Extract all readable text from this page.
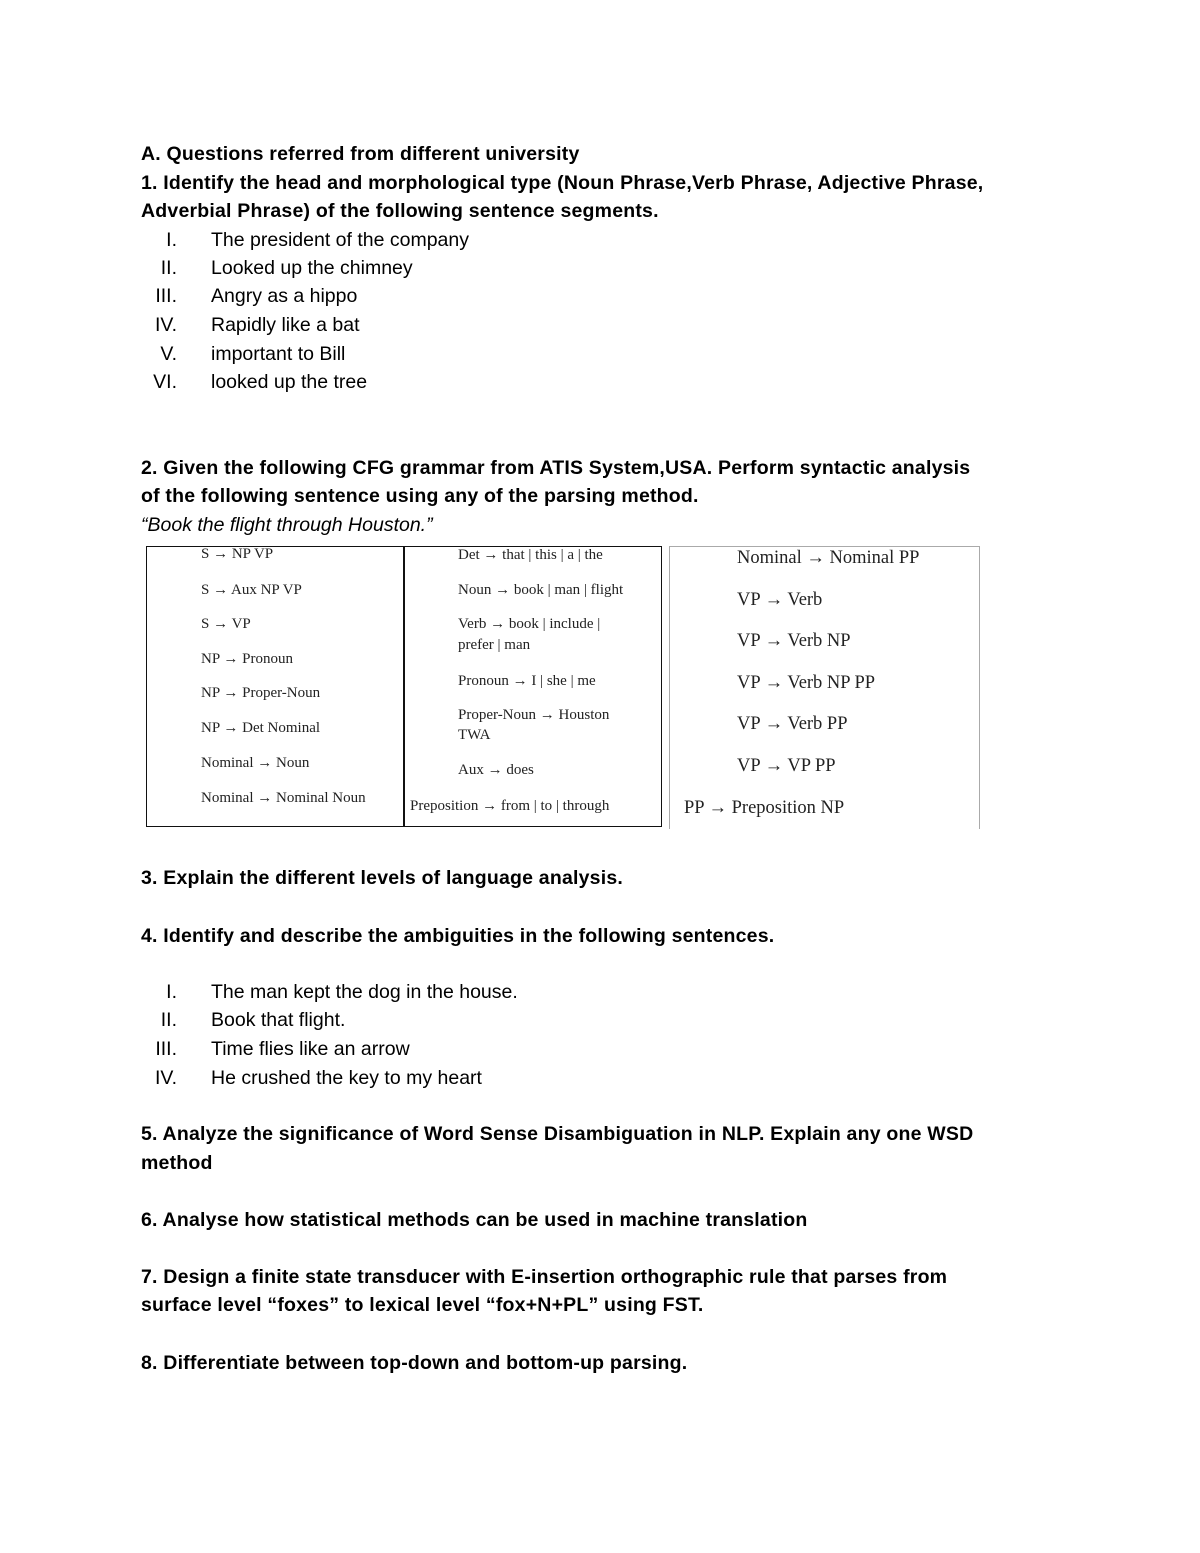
A. Questions referred from different university
1. Identify the head and morphological type (Noun Phrase,Verb Phrase, Adjective Phrase,
Adverbial Phrase) of the following sentence segments.
I. The president of the company
II. Looked up the chimney
III. Angry as a hippo
IV. Rapidly like a bat
V. important to Bill
VI. looked up the tree
2. Given the following CFG grammar from ATIS System,USA. Perform syntactic analysis
of the following sentence using any of the parsing method.
“Book the flight through Houston.”
S → NP VP
S → Aux NP VP
S → VP
NP → Pronoun
NP → Proper-Noun
NP → Det Nominal
Nominal → Noun
Nominal → Nominal Noun
Det → that | this | a | the
Noun → book | man | flight
Verb → book | include |
prefer | man
Pronoun → I | she | me
Proper-Noun → Houston
TWA
Aux → does
Preposition → from | to | through
Nominal → Nominal PP
VP → Verb
VP → Verb NP
VP → Verb NP PP
VP → Verb PP
VP → VP PP
PP → Preposition NP
3. Explain the different levels of language analysis.
4. Identify and describe the ambiguities in the following sentences.
I. The man kept the dog in the house.
II. Book that flight.
III. Time flies like an arrow
IV. He crushed the key to my heart
5. Analyze the significance of Word Sense Disambiguation in NLP. Explain any one WSD
method
6. Analyse how statistical methods can be used in machine translation
7. Design a finite state transducer with E-insertion orthographic rule that parses from
surface level “foxes” to lexical level “fox+N+PL” using FST.
8. Differentiate between top-down and bottom-up parsing.
